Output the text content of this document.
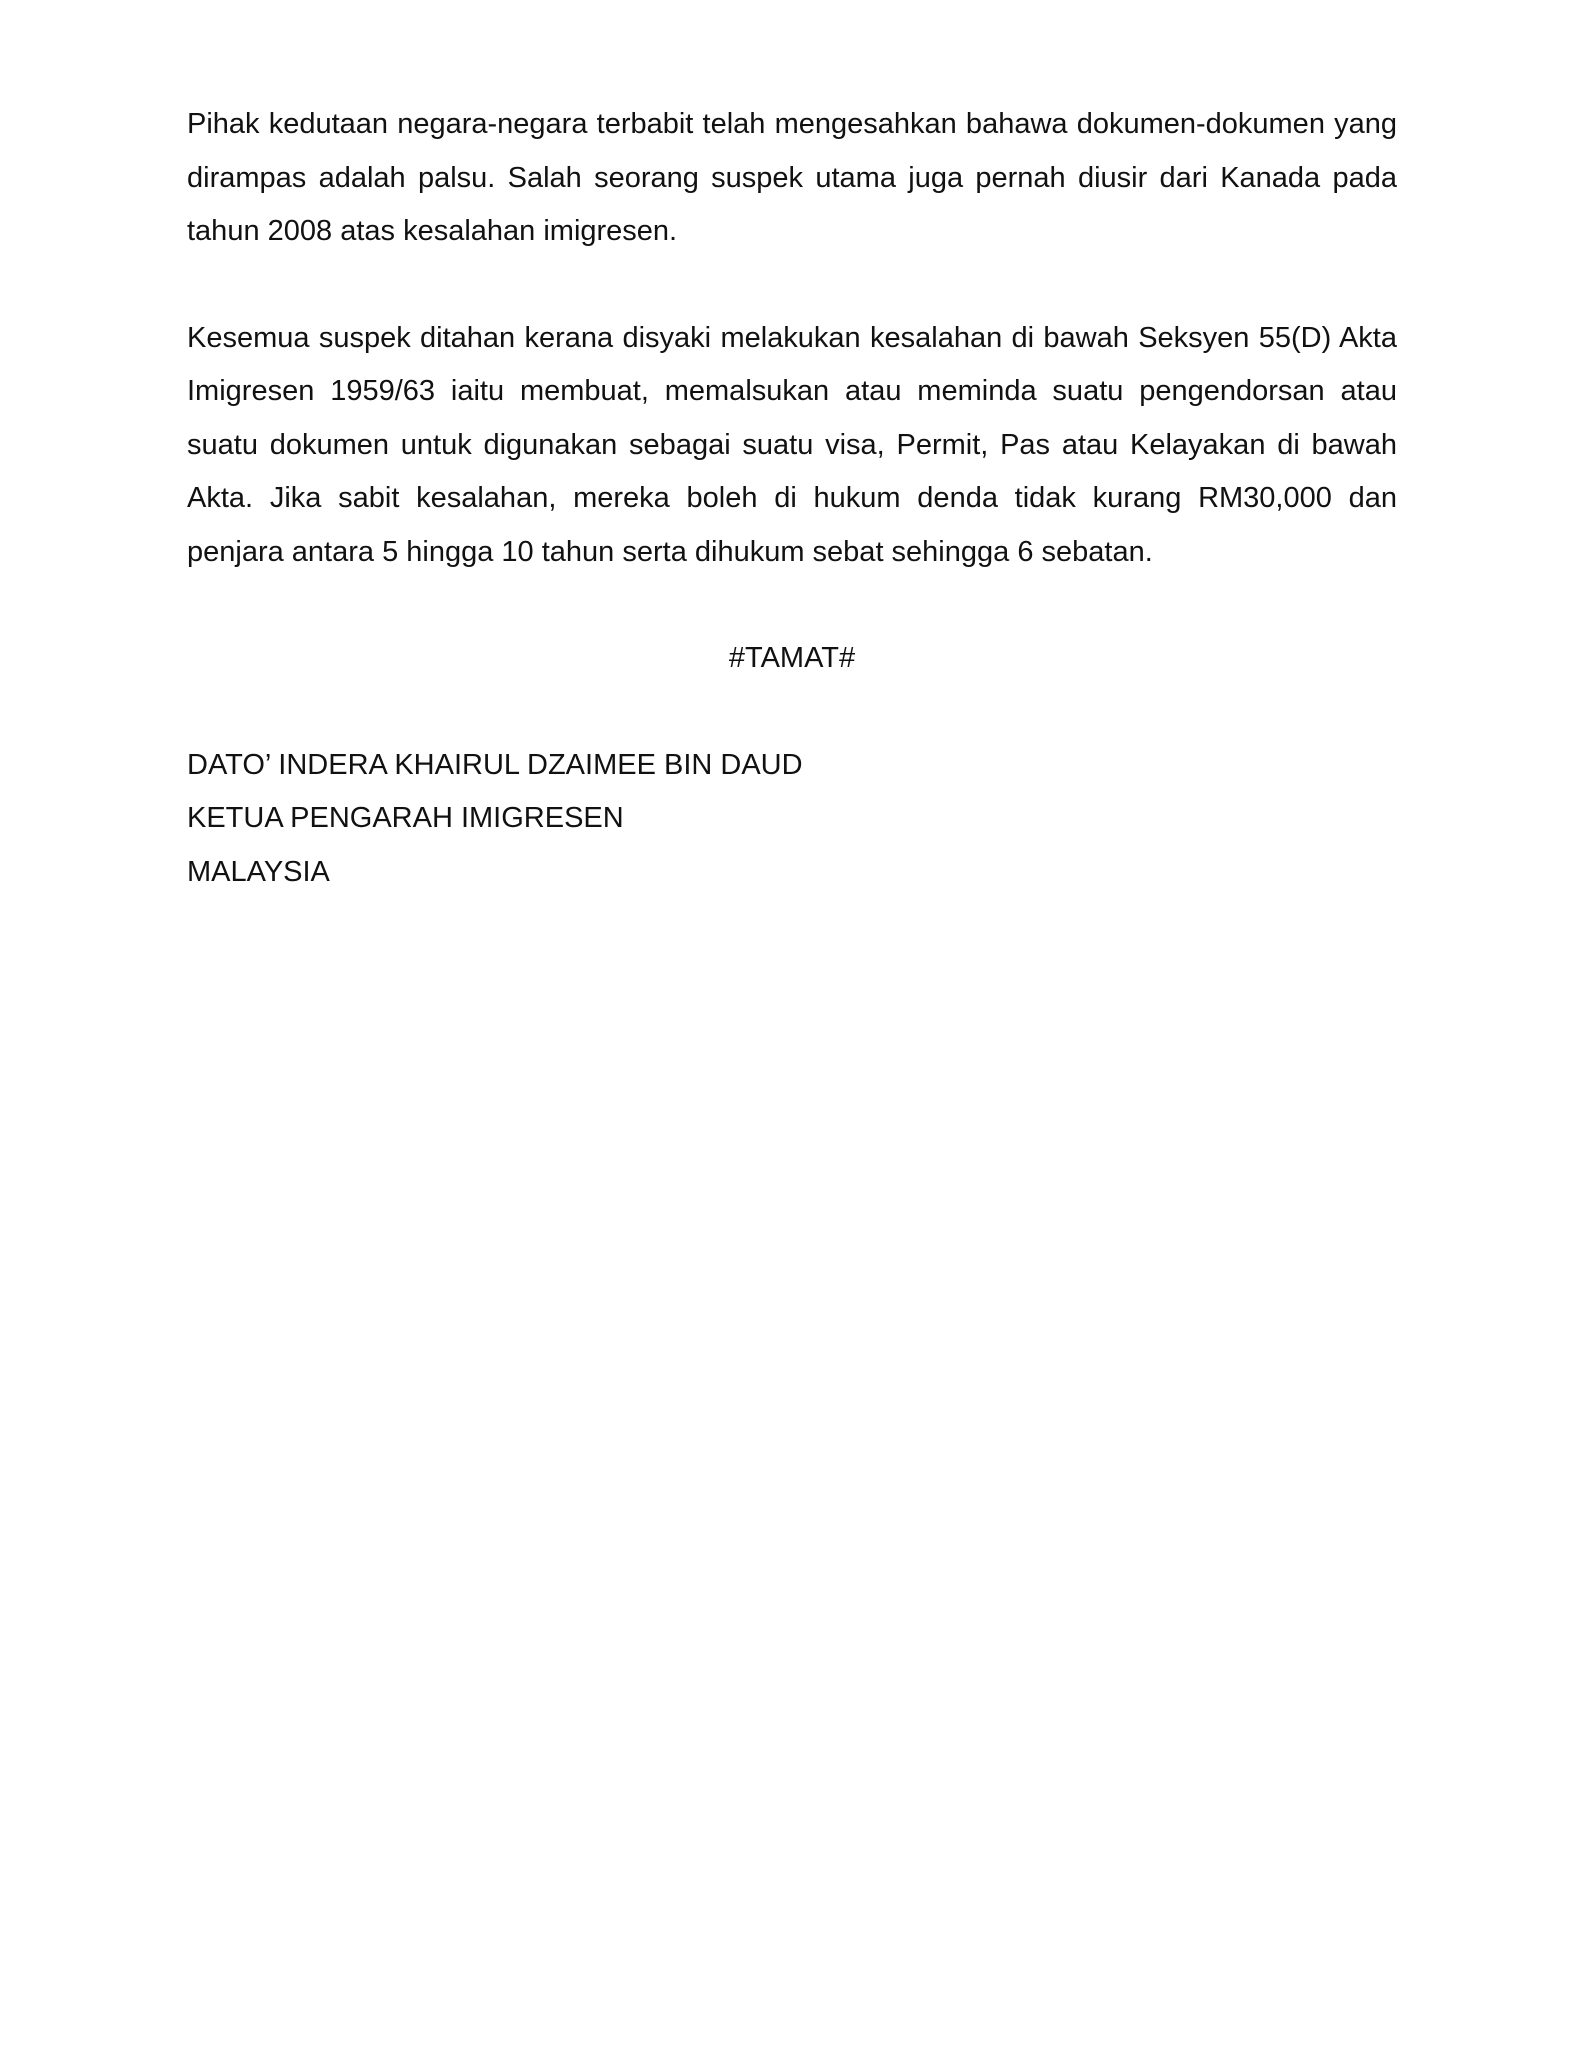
Pihak kedutaan negara-negara terbabit telah mengesahkan bahawa dokumen-dokumen yang dirampas adalah palsu. Salah seorang suspek utama juga pernah diusir dari Kanada pada tahun 2008 atas kesalahan imigresen.

Kesemua suspek ditahan kerana disyaki melakukan kesalahan di bawah Seksyen 55(D) Akta Imigresen 1959/63 iaitu membuat, memalsukan atau meminda suatu pengendorsan atau suatu dokumen untuk digunakan sebagai suatu visa, Permit, Pas atau Kelayakan di bawah Akta. Jika sabit kesalahan, mereka boleh di hukum denda tidak kurang RM30,000 dan penjara antara 5 hingga 10 tahun serta dihukum sebat sehingga 6 sebatan.

#TAMAT#

DATO’ INDERA KHAIRUL DZAIMEE BIN DAUD

KETUA PENGARAH IMIGRESEN

MALAYSIA
